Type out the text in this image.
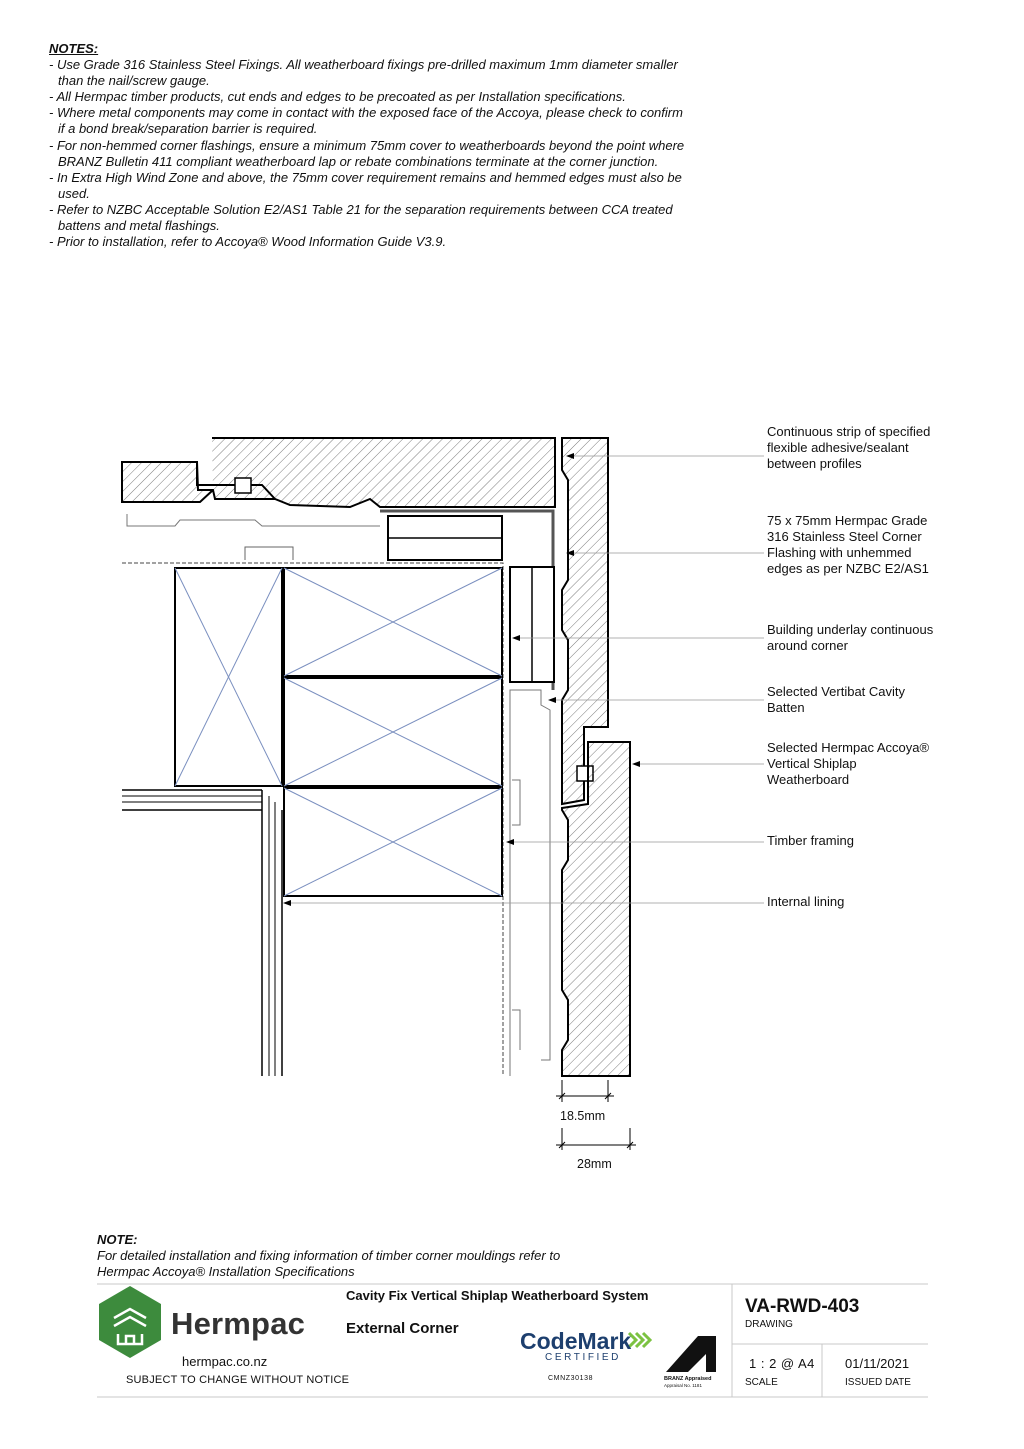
NOTES:
- Use Grade 316 Stainless Steel Fixings. All weatherboard fixings pre-drilled maximum 1mm diameter smaller than the nail/screw gauge.
- All Hermpac timber products, cut ends and edges to be precoated as per Installation specifications.
- Where metal components may come in contact with the exposed face of the Accoya, please check to confirm if a bond break/separation barrier is required.
- For non-hemmed corner flashings, ensure a minimum 75mm cover to weatherboards beyond the point where BRANZ Bulletin 411 compliant weatherboard lap or rebate combinations terminate at the corner junction.
- In Extra High Wind Zone and above, the 75mm cover requirement remains and hemmed edges must also be used.
- Refer to NZBC Acceptable Solution E2/AS1 Table 21 for the separation requirements between CCA treated battens and metal flashings.
- Prior to installation, refer to Accoya® Wood Information Guide V3.9.
Continuous strip of specified flexible adhesive/sealant between profiles
75 x 75mm Hermpac Grade 316 Stainless Steel Corner Flashing with unhemmed edges as per NZBC E2/AS1
Building underlay continuous around corner
Selected Vertibat Cavity Batten
Selected Hermpac Accoya® Vertical Shiplap Weatherboard
Timber framing
Internal lining
18.5mm
28mm
NOTE:
For detailed installation and fixing information of timber corner mouldings refer to
Hermpac Accoya® Installation Specifications
Hermpac
hermpac.co.nz
SUBJECT TO CHANGE WITHOUT NOTICE
Cavity Fix Vertical Shiplap Weatherboard System
External Corner	CodeMark
CERTIFIED
CMNZ30138	BRANZ Appraised
Appraisal No. 1181
VA-RWD-403
DRAWING
1 : 2 @ A4
SCALE
01/11/2021
ISSUED DATE
